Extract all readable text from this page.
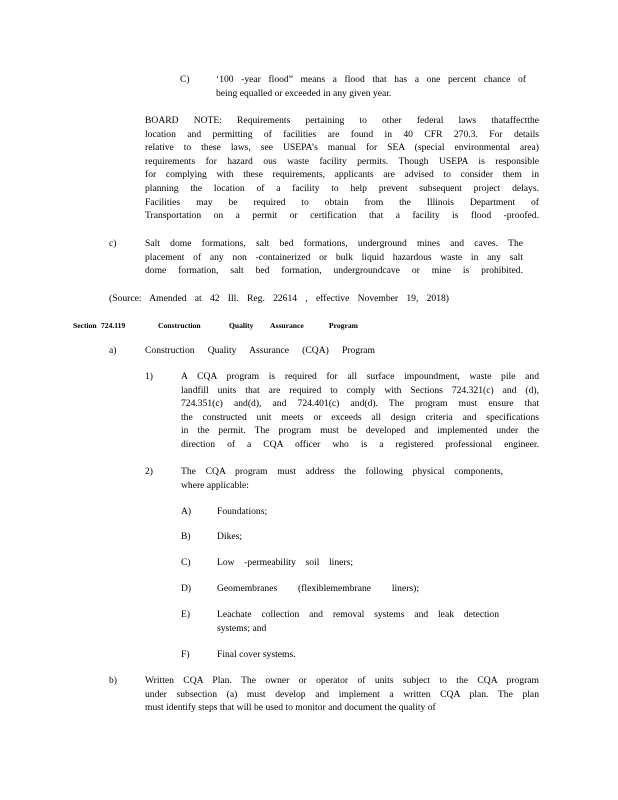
C)	‘100 -year flood” means a flood that has a one percent chance of
being equalled or exceeded in any given year.
BOARD NOTE: Requirements pertaining to other federal laws thataffectthe
location and permitting of facilities are found in 40 CFR 270.3. For details
relative to these laws, see USEPA’s manual for SEA (special environmental area)
requirements for hazard ous waste facility permits. Though USEPA is responsible
for complying with these requirements, applicants are advised to consider them in
planning the location of a facility to help prevent subsequent project delays.
Facilities may be required to obtain from the Illinois Department of
Transportation on a permit or certification that a facility is flood -proofed.
c)	Salt dome formations, salt bed formations, underground mines and caves. The
placement of any non -containerized or bulk liquid hazardous waste in any salt
dome formation, salt bed formation, undergroundcave or mine is prohibited.
(Source: Amended at 42 Ill. Reg. 22614 , effective November 19, 2018)
Section 724.119	Construction	Quality Assurance	Program
a)	Construction Quality Assurance (CQA) Program
1)	A CQA program is required for all surface impoundment, waste pile and
landfill units that are required to comply with Sections 724.321(c) and (d),
724.351(c) and(d), and 724.401(c) and(d). The program must ensure that
the constructed unit meets or exceeds all design criteria and specifications
in the permit. The program must be developed and implemented under the
direction of a CQA officer who is a registered professional engineer.
2)	The CQA program must address the following physical components,
where applicable:
A)	Foundations;
B)	Dikes;
C)	Low -permeability soil liners;
D)	Geomembranes (flexiblemembrane liners);
E)	Leachate collection and removal systems and leak detection
systems; and
F)	Final cover systems.
b)	Written CQA Plan. The owner or operator of units subject to the CQA program
under subsection (a) must develop and implement a written CQA plan. The plan
must identify steps that will be used to monitor and document the quality of
